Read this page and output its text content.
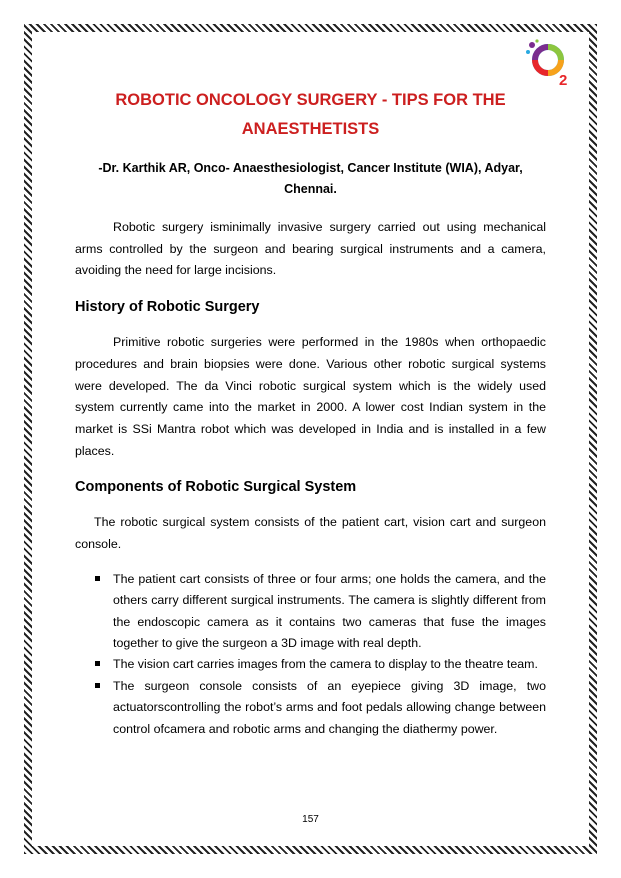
2
ROBOTIC ONCOLOGY SURGERY - TIPS FOR THE
ANAESTHETISTS
-Dr. Karthik AR, Onco- Anaesthesiologist, Cancer Institute (WIA), Adyar,
Chennai.

Robotic surgery isminimally invasive surgery carried out using mechanical arms controlled by the surgeon and bearing surgical instruments and a camera, avoiding the need for large incisions.

History of Robotic Surgery

Primitive robotic surgeries were performed in the 1980s when orthopaedic procedures and brain biopsies were done. Various other robotic surgical systems were developed. The da Vinci robotic surgical system which is the widely used system currently came into the market in 2000. A lower cost Indian system in the market is SSi Mantra robot which was developed in India and is installed in a few places.

Components of Robotic Surgical System

The robotic surgical system consists of the patient cart, vision cart and surgeon console.

The patient cart consists of three or four arms; one holds the camera, and the others carry different surgical instruments. The camera is slightly different from the endoscopic camera as it contains two cameras that fuse the images together to give the surgeon a 3D image with real depth.
The vision cart carries images from the camera to display to the theatre team.
The surgeon console consists of an eyepiece giving 3D image, two actuatorscontrolling the robot’s arms and foot pedals allowing change between control ofcamera and robotic arms and changing the diathermy power.
157
